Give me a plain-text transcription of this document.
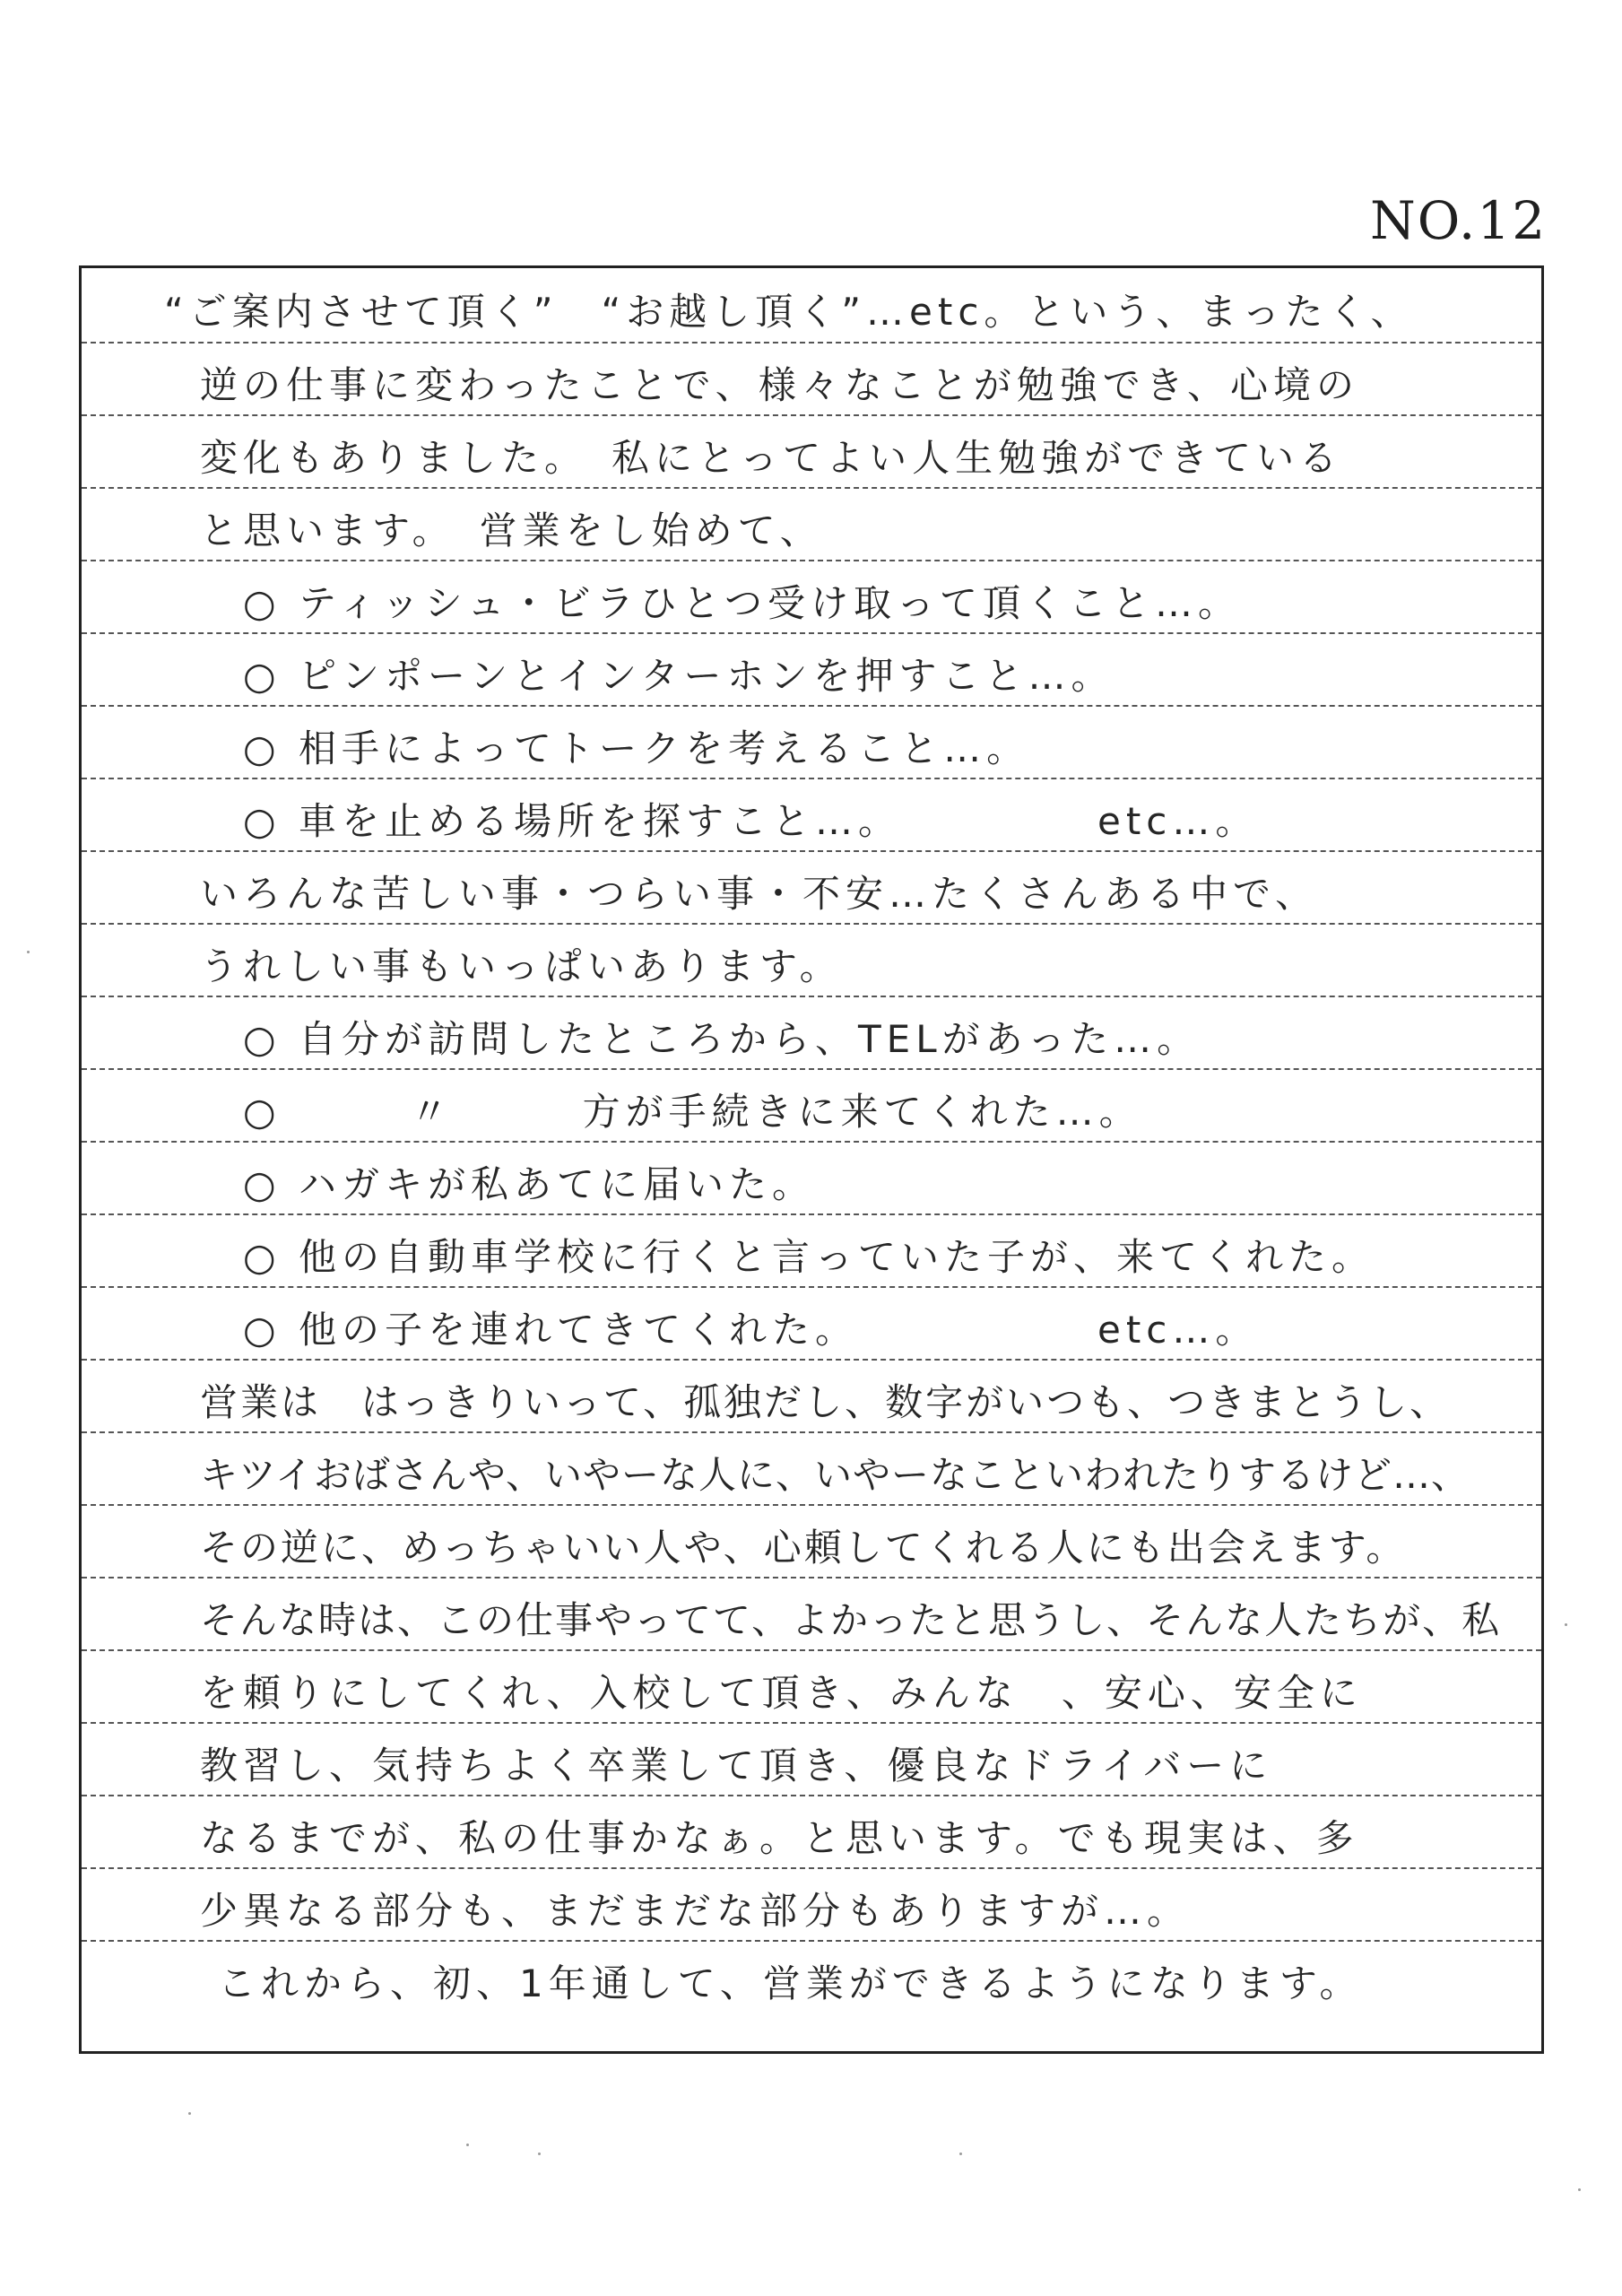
NO.12
“ご案内させて頂く”　“お越し頂く”…etc。という、まったく、
逆の仕事に変わったことで、様々なことが勉強でき、心境の
変化もありました。　私にとってよい人生勉強ができている
と思います。　営業をし始めて、
○ ティッシュ・ビラひとつ受け取って頂くこと…。
○ ピンポーンとインターホンを押すこと…。
○ 相手によってトークを考えること…。
○ 車を止める場所を探すこと…。　　　　　etc…。
いろんな苦しい事・つらい事・不安…たくさんある中で、
うれしい事もいっぱいあります。
○ 自分が訪問したところから、TELがあった…。
○　　　〃　　　方が手続きに来てくれた…。
○ ハガキが私あてに届いた。
○ 他の自動車学校に行くと言っていた子が、来てくれた。
○ 他の子を連れてきてくれた。　　　　　　etc…。
営業は　はっきりいって、孤独だし、数字がいつも、つきまとうし、
キツイおばさんや、いやーな人に、いやーなこといわれたりするけど…、
その逆に、めっちゃいい人や、心頼してくれる人にも出会えます。
そんな時は、この仕事やってて、よかったと思うし、そんな人たちが、私
を頼りにしてくれ、入校して頂き、みんな　、安心、安全に
教習し、気持ちよく卒業して頂き、優良なドライバーに
なるまでが、私の仕事かなぁ。と思います。でも現実は、多
少異なる部分も、まだまだな部分もありますが…。
これから、初、1年通して、営業ができるようになります。
